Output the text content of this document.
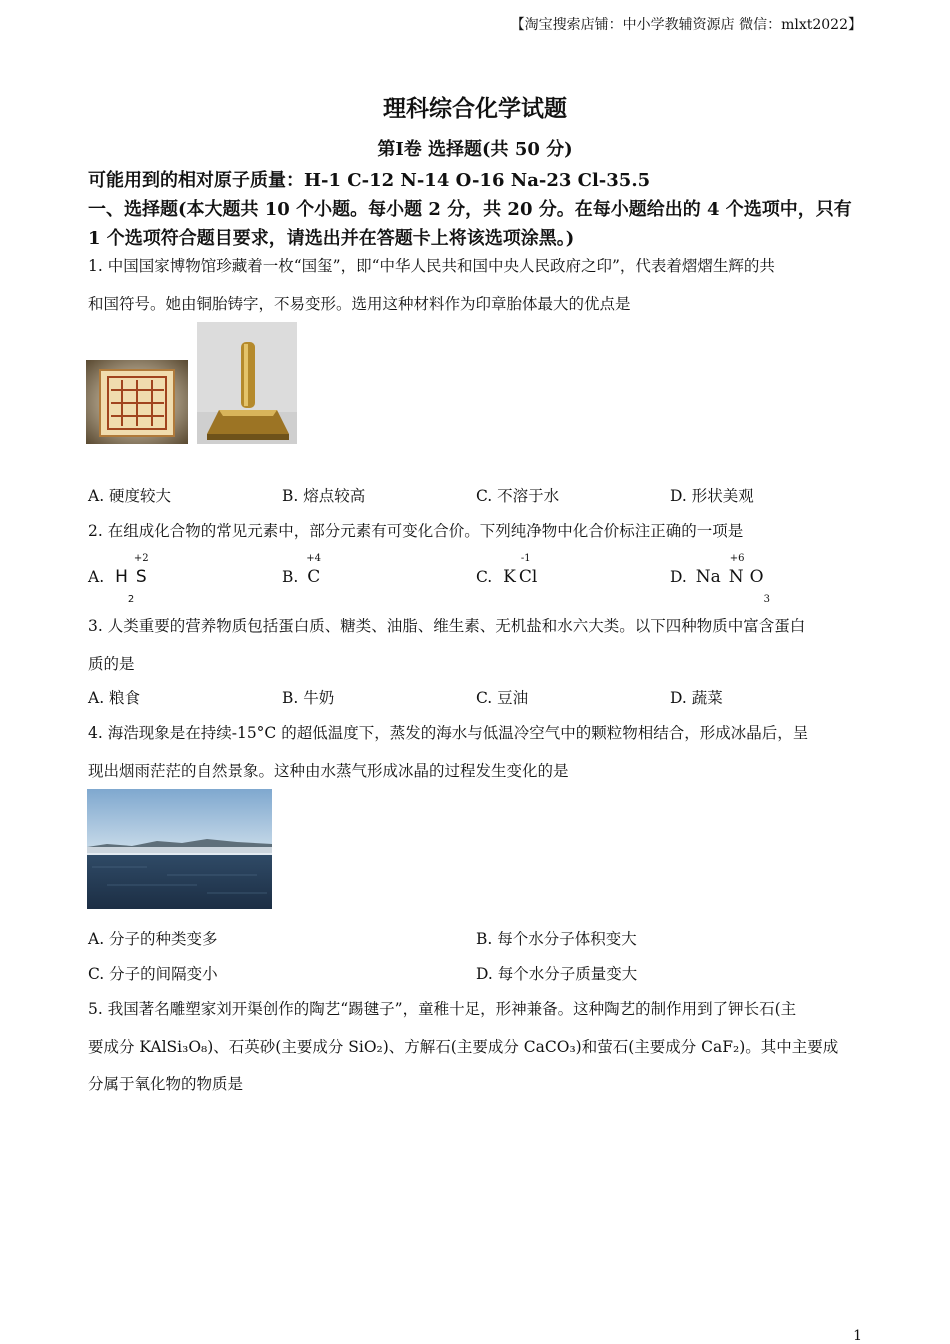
【淘宝搜索店铺：中小学教辅资源店 微信：mlxt2022】
理科综合化学试题
第Ⅰ卷 选择题(共 50 分)
可能用到的相对原子质量：H-1 C-12 N-14 O-16 Na-23 Cl-35.5
一、选择题(本大题共 10 个小题。每小题 2 分，共 20 分。在每小题给出的 4 个选项中，只有
1 个选项符合题目要求，请选出并在答题卡上将该选项涂黑。)
1. 中国国家博物馆珍藏着一枚“国玺”，即“中华人民共和国中央人民政府之印”，代表着熠熠生辉的共
和国符号。她由铜胎铸字，不易变形。选用这种材料作为印章胎体最大的优点是
A. 硬度较大	B. 熔点较高	C. 不溶于水	D. 形状美观
2. 在组成化合物的常见元素中，部分元素有可变化合价。下列纯净物中化合价标注正确的一项是
A. H
2
+2
S	B.
+4
C	C. K
-1
Cl	D. Na
+6
N O
3
3. 人类重要的营养物质包括蛋白质、糖类、油脂、维生素、无机盐和水六大类。以下四种物质中富含蛋白
质的是
A. 粮食	B. 牛奶	C. 豆油	D. 蔬菜
4. 海浩现象是在持续-15°C 的超低温度下，蒸发的海水与低温冷空气中的颗粒物相结合，形成冰晶后，呈
现出烟雨茫茫的自然景象。这种由水蒸气形成冰晶的过程发生变化的是
A. 分子的种类变多	B. 每个水分子体积变大
C. 分子的间隔变小	D. 每个水分子质量变大
5. 我国著名雕塑家刘开渠创作的陶艺“踢毽子”，童稚十足，形神兼备。这种陶艺的制作用到了钾长石(主
要成分 KAlSi₃O₈)、石英砂(主要成分 SiO₂)、方解石(主要成分 CaCO₃)和萤石(主要成分 CaF₂)。其中主要成
分属于氧化物的物质是
1
